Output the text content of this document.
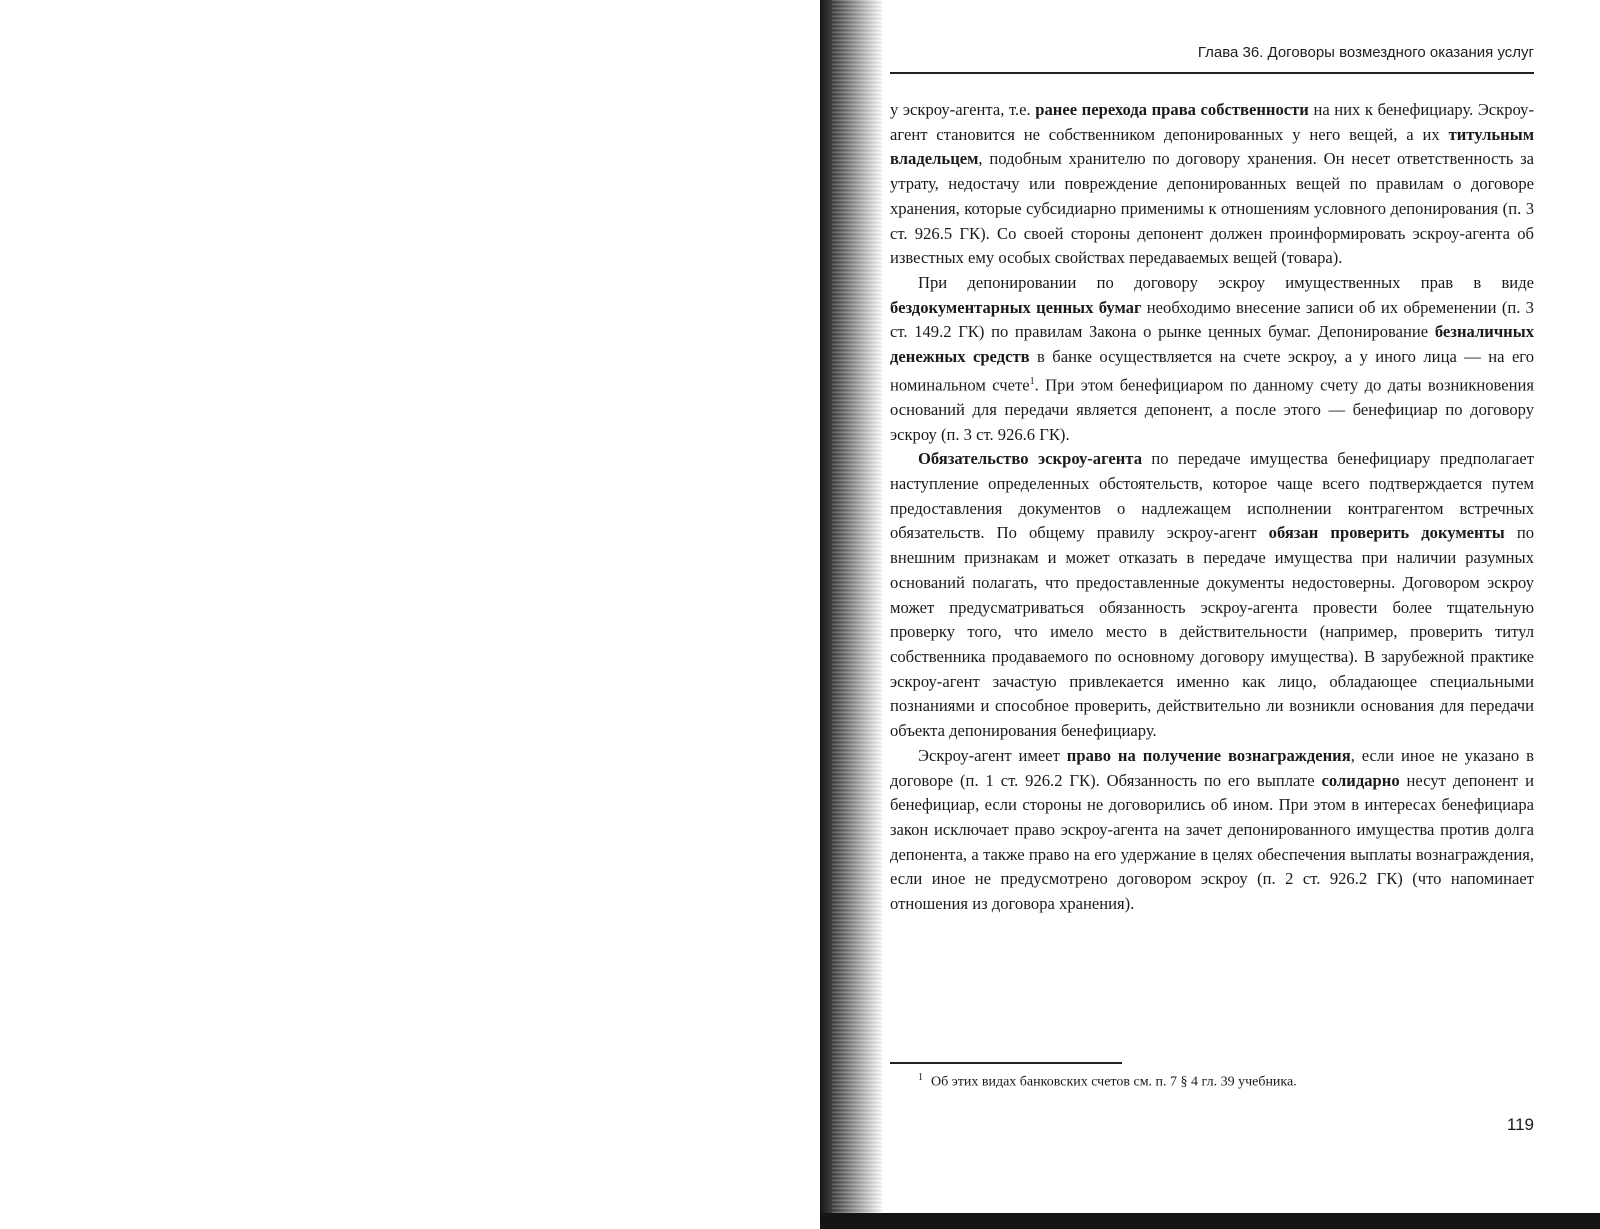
Глава 36. Договоры возмездного оказания услуг

у эскроу-агента, т.е. ранее перехода права собственности на них к бенефициару. Эскроу-агент становится не собственником депонированных у него вещей, а их титульным владельцем, подобным хранителю по договору хранения. Он несет ответственность за утрату, недостачу или повреждение депонированных вещей по правилам о договоре хранения, которые субсидиарно применимы к отношениям условного депонирования (п. 3 ст. 926.5 ГК). Со своей стороны депонент должен проинформировать эскроу-агента об известных ему особых свойствах передаваемых вещей (товара).

При депонировании по договору эскроу имущественных прав в виде бездокументарных ценных бумаг необходимо внесение записи об их обременении (п. 3 ст. 149.2 ГК) по правилам Закона о рынке ценных бумаг. Депонирование безналичных денежных средств в банке осуществляется на счете эскроу, а у иного лица — на его номинальном счете$^1$. При этом бенефициаром по данному счету до даты возникновения оснований для передачи является депонент, а после этого — бенефициар по договору эскроу (п. 3 ст. 926.6 ГК).

Обязательство эскроу-агента по передаче имущества бенефициару предполагает наступление определенных обстоятельств, которое чаще всего подтверждается путем предоставления документов о надлежащем исполнении контрагентом встречных обязательств. По общему правилу эскроу-агент обязан проверить документы по внешним признакам и может отказать в передаче имущества при наличии разумных оснований полагать, что предоставленные документы недостоверны. Договором эскроу может предусматриваться обязанность эскроу-агента провести более тщательную проверку того, что имело место в действительности (например, проверить титул собственника продаваемого по основному договору имущества). В зарубежной практике эскроу-агент зачастую привлекается именно как лицо, обладающее специальными познаниями и способное проверить, действительно ли возникли основания для передачи объекта депонирования бенефициару.

Эскроу-агент имеет право на получение вознаграждения, если иное не указано в договоре (п. 1 ст. 926.2 ГК). Обязанность по его выплате солидарно несут депонент и бенефициар, если стороны не договорились об ином. При этом в интересах бенефициара закон исключает право эскроу-агента на зачет депонированного имущества против долга депонента, а также право на его удержание в целях обеспечения выплаты вознаграждения, если иное не предусмотрено договором эскроу (п. 2 ст. 926.2 ГК) (что напоминает отношения из договора хранения).

$^1$ Об этих видах банковских счетов см. п. 7 § 4 гл. 39 учебника.
119
